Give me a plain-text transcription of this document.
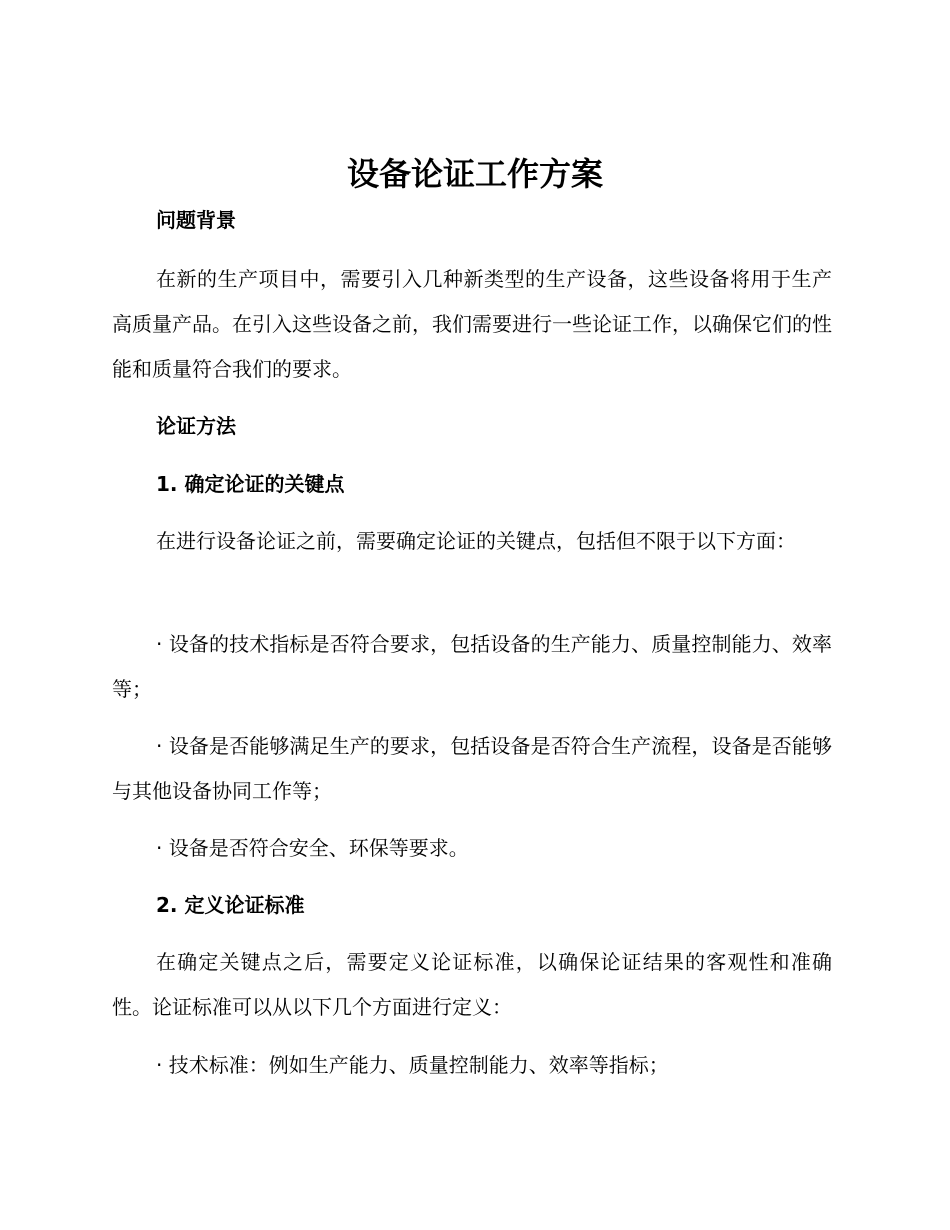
设备论证工作方案

问题背景

在新的生产项目中，需要引入几种新类型的生产设备，这些设备将用于生产高质量产品。在引入这些设备之前，我们需要进行一些论证工作，以确保它们的性能和质量符合我们的要求。

论证方法

1. 确定论证的关键点

在进行设备论证之前，需要确定论证的关键点，包括但不限于以下方面：

· 设备的技术指标是否符合要求，包括设备的生产能力、质量控制能力、效率等；

· 设备是否能够满足生产的要求，包括设备是否符合生产流程，设备是否能够与其他设备协同工作等；

· 设备是否符合安全、环保等要求。

2. 定义论证标准

在确定关键点之后，需要定义论证标准，以确保论证结果的客观性和准确性。论证标准可以从以下几个方面进行定义：

· 技术标准：例如生产能力、质量控制能力、效率等指标；
